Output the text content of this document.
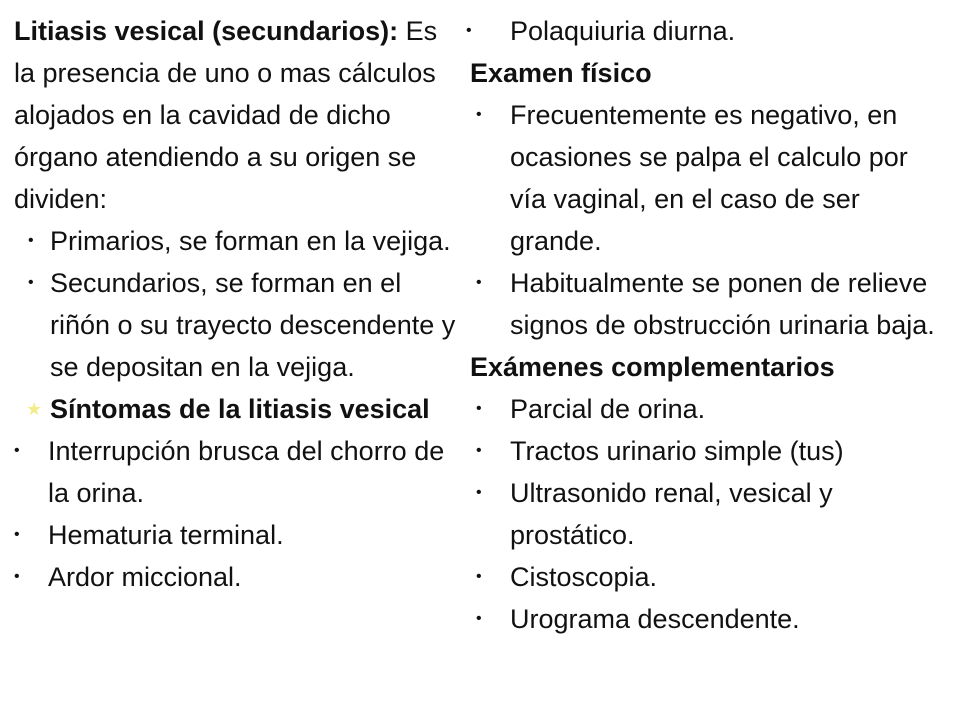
Litiasis vesical (secundarios): Es la presencia de uno o mas cálculos alojados en la cavidad de dicho órgano atendiendo a su origen se dividen:

• Primarios, se forman en la vejiga.
• Secundarios, se forman en el riñón o su trayecto descendente y se depositan en la vejiga.

★ Síntomas de la litiasis vesical

• Interrupción brusca del chorro de la orina.
• Hematuria terminal.
• Ardor miccional.
• Polaquiuria diurna.

Examen físico

• Frecuentemente es negativo, en ocasiones se palpa el calculo por vía vaginal, en el caso de ser grande.
• Habitualmente se ponen de relieve signos de obstrucción urinaria baja.

Exámenes complementarios

• Parcial de orina.
• Tractos urinario simple (tus)
• Ultrasonido renal, vesical y prostático.
• Cistoscopia.
• Urograma descendente.
